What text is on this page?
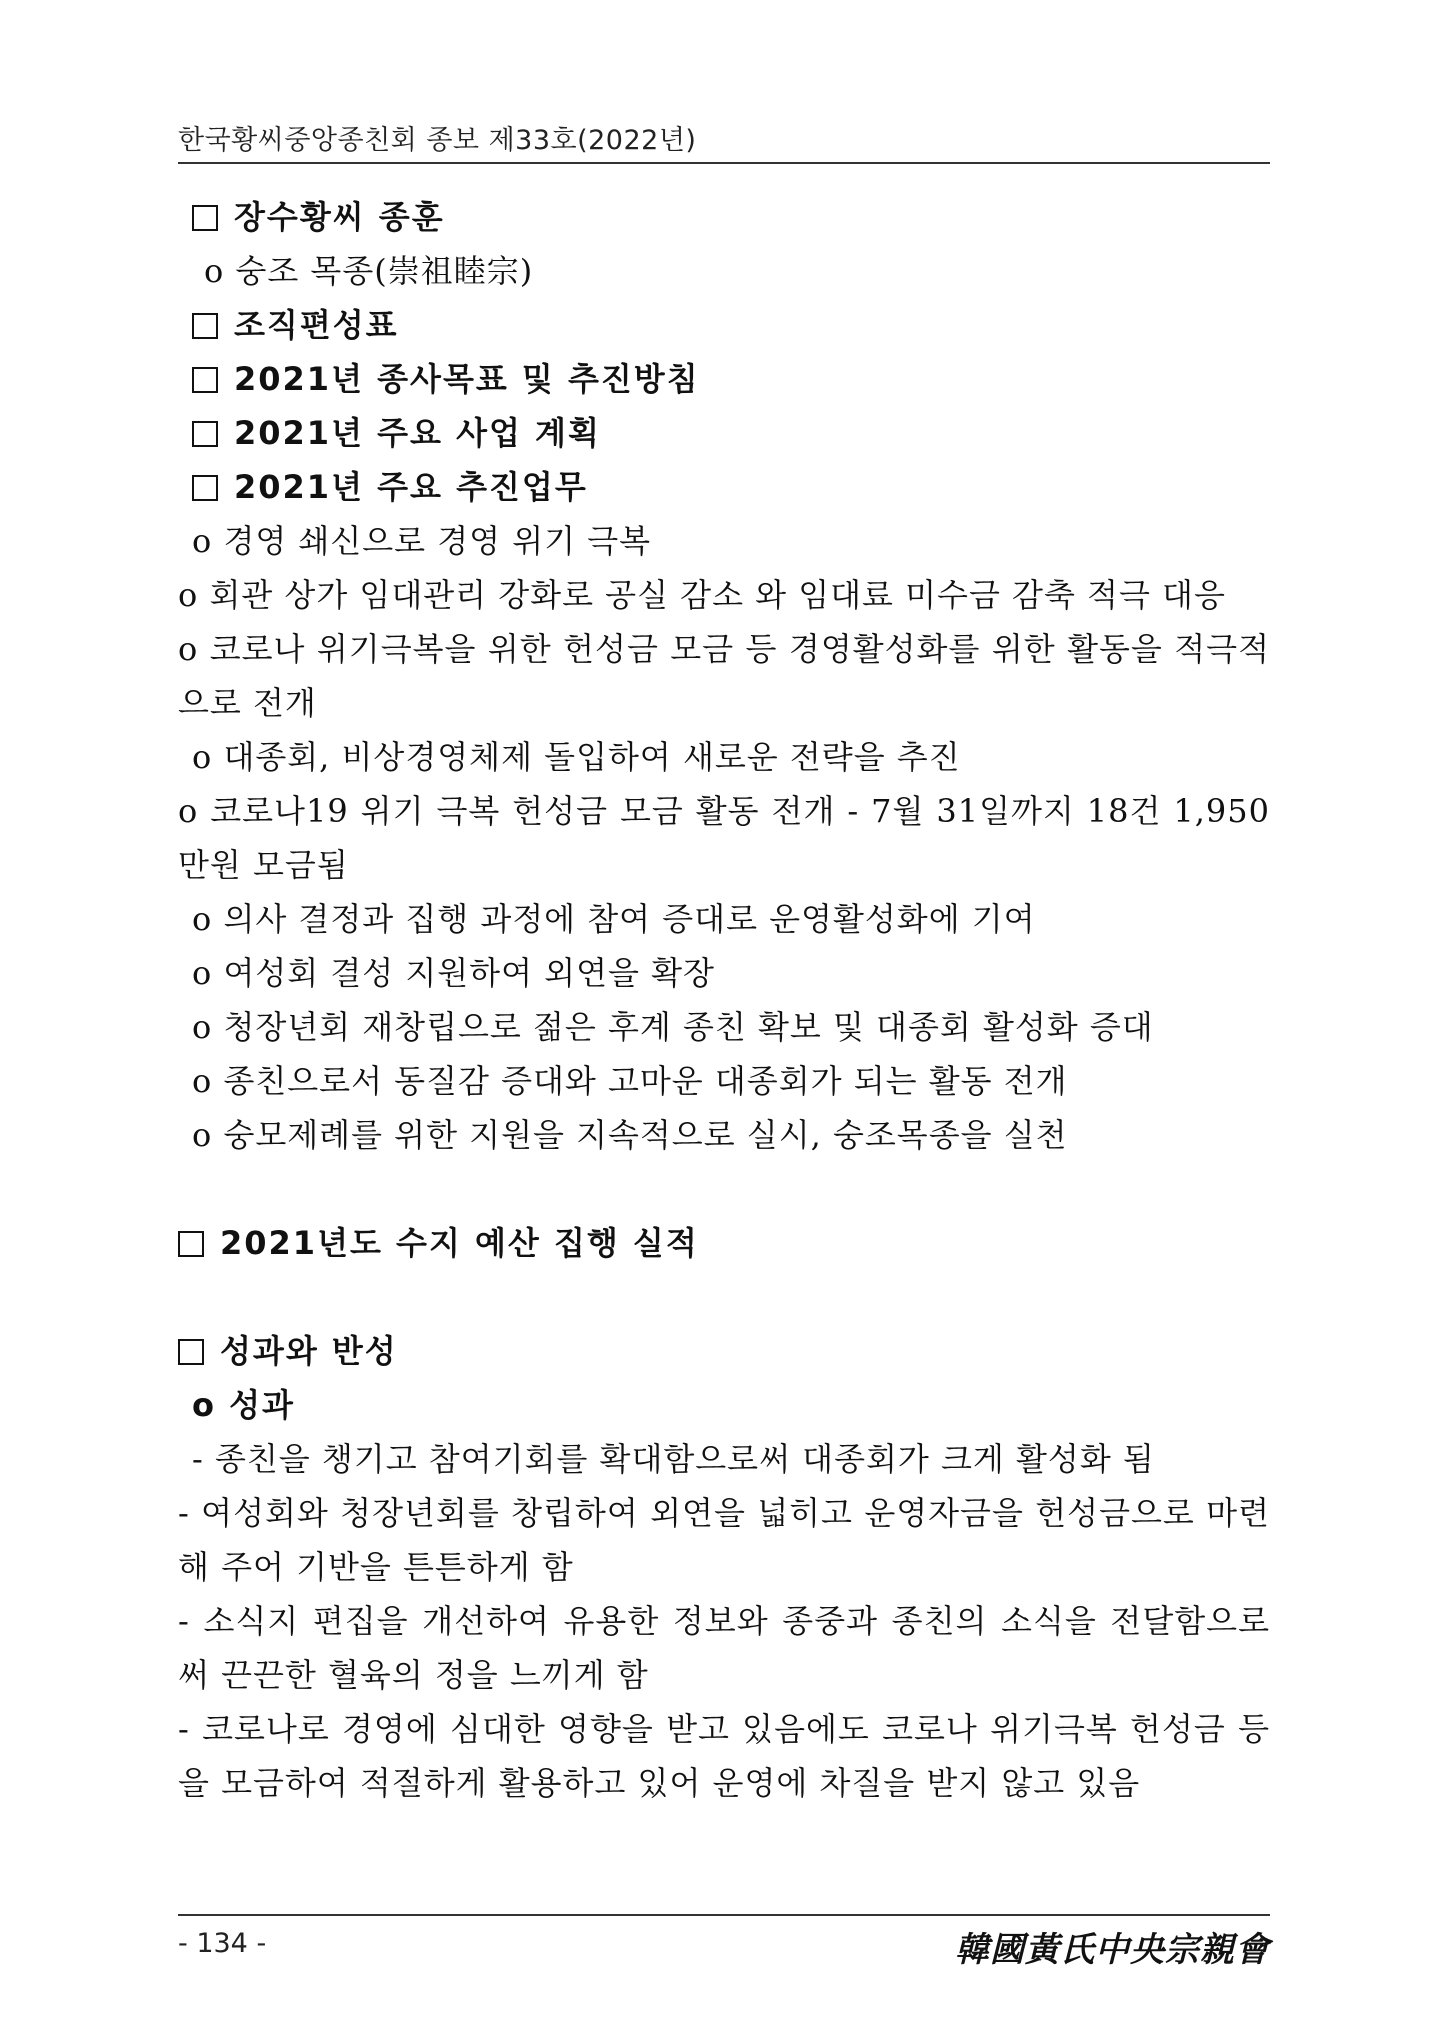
한국황씨중앙종친회 종보 제33호(2022년)
장수황씨 종훈
ο 숭조 목종(崇祖睦宗)
조직편성표
2021년 종사목표 및 추진방침
2021년 주요 사업 계획
2021년 주요 추진업무
ο 경영 쇄신으로 경영 위기 극복
ο 회관 상가 임대관리 강화로 공실 감소 와 임대료 미수금 감축 적극 대응
ο 코로나 위기극복을 위한 헌성금 모금 등 경영활성화를 위한 활동을 적극적으로 전개
ο 대종회, 비상경영체제 돌입하여 새로운 전략을 추진
ο 코로나19 위기 극복 헌성금 모금 활동 전개 - 7월 31일까지 18건 1,950만원 모금됨
ο 의사 결정과 집행 과정에 참여 증대로 운영활성화에 기여
ο 여성회 결성 지원하여 외연을 확장
ο 청장년회 재창립으로 젊은 후계 종친 확보 및 대종회 활성화 증대
ο 종친으로서 동질감 증대와 고마운 대종회가 되는 활동 전개
ο 숭모제례를 위한 지원을 지속적으로 실시, 숭조목종을 실천
2021년도 수지 예산 집행 실적
성과와 반성
ο 성과
- 종친을 챙기고 참여기회를 확대함으로써 대종회가 크게 활성화 됨
- 여성회와 청장년회를 창립하여 외연을 넓히고 운영자금을 헌성금으로 마련해 주어 기반을 튼튼하게 함
- 소식지 편집을 개선하여 유용한 정보와 종중과 종친의 소식을 전달함으로써 끈끈한 혈육의 정을 느끼게 함
- 코로나로 경영에 심대한 영향을 받고 있음에도 코로나 위기극복 헌성금 등을 모금하여 적절하게 활용하고 있어 운영에 차질을 받지 않고 있음
- 134 -	韓國黃氏中央宗親會
